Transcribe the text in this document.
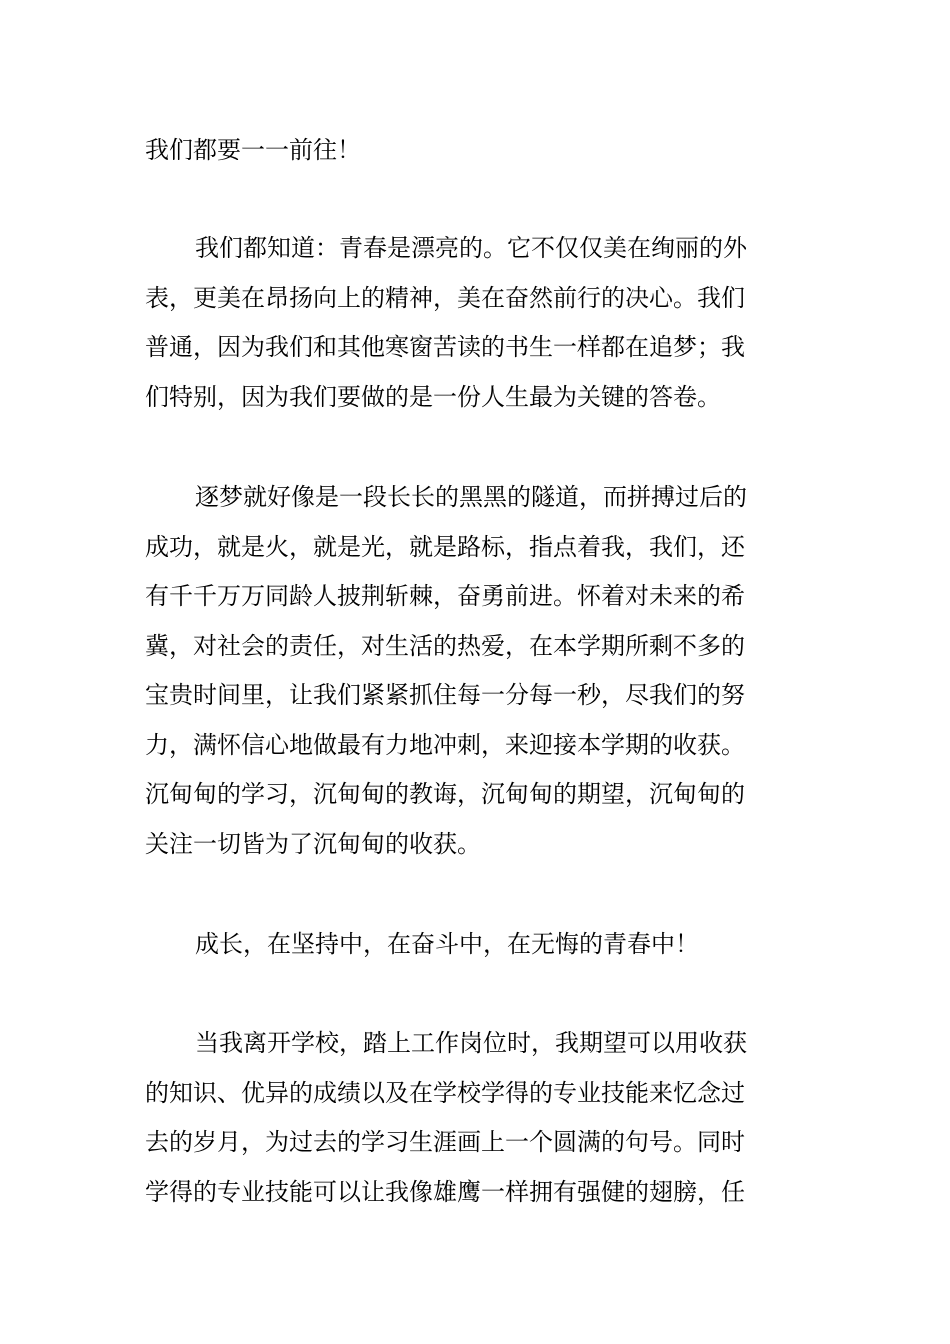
我们都要一一前往！

我们都知道：青春是漂亮的。它不仅仅美在绚丽的外
表，更美在昂扬向上的精神，美在奋然前行的决心。我们
普通，因为我们和其他寒窗苦读的书生一样都在追梦；我
们特别，因为我们要做的是一份人生最为关键的答卷。

逐梦就好像是一段长长的黑黑的隧道，而拼搏过后的
成功，就是火，就是光，就是路标，指点着我，我们，还
有千千万万同龄人披荆斩棘，奋勇前进。怀着对未来的希
冀，对社会的责任，对生活的热爱，在本学期所剩不多的
宝贵时间里，让我们紧紧抓住每一分每一秒，尽我们的努
力，满怀信心地做最有力地冲刺，来迎接本学期的收获。
沉甸甸的学习，沉甸甸的教诲，沉甸甸的期望，沉甸甸的
关注一切皆为了沉甸甸的收获。

成长，在坚持中，在奋斗中，在无悔的青春中！

当我离开学校，踏上工作岗位时，我期望可以用收获
的知识、优异的成绩以及在学校学得的专业技能来忆念过
去的岁月，为过去的学习生涯画上一个圆满的句号。同时
学得的专业技能可以让我像雄鹰一样拥有强健的翅膀，任
